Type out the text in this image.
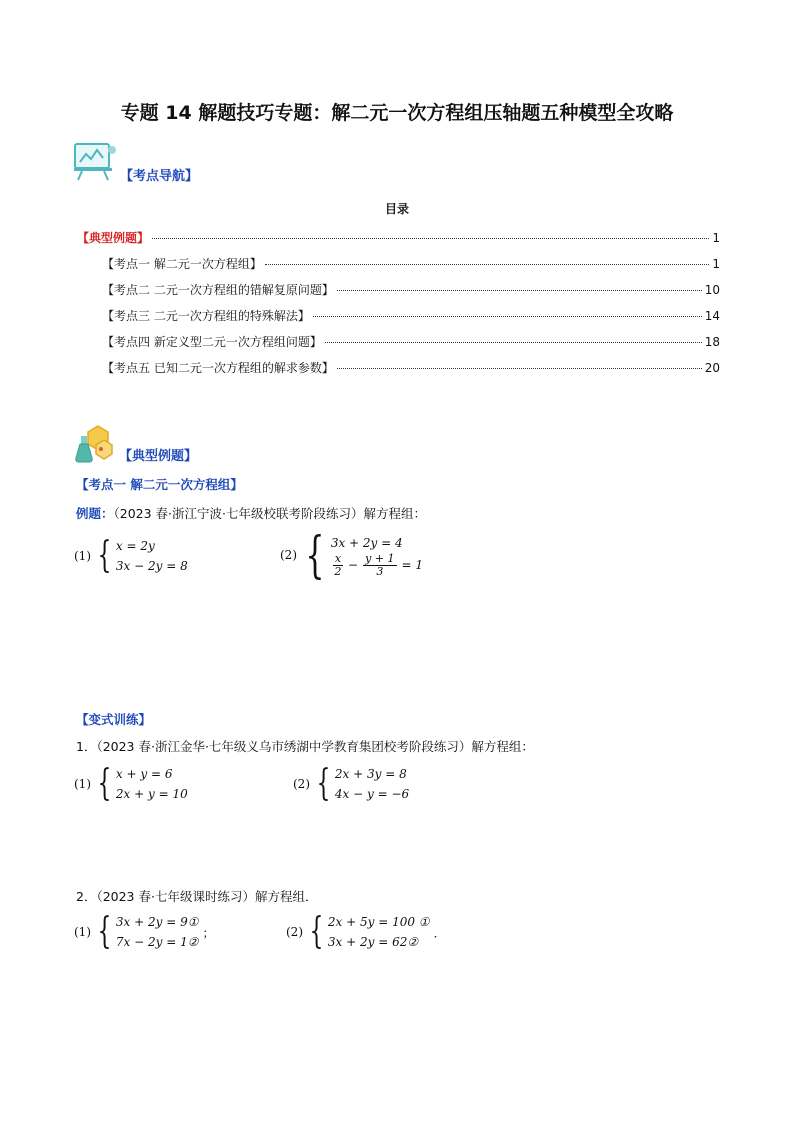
专题 14 解题技巧专题：解二元一次方程组压轴题五种模型全攻略
【考点导航】
目录
【典型例题】	1
【考点一 解二元一次方程组】	1
【考点二 二元一次方程组的错解复原问题】	10
【考点三 二元一次方程组的特殊解法】	14
【考点四 新定义型二元一次方程组问题】	18
【考点五 已知二元一次方程组的解求参数】	20
【典型例题】
【考点一 解二元一次方程组】
例题：（2023 春·浙江宁波·七年级校联考阶段练习）解方程组：
(1) { x = 2y
3x − 2y = 8
(2) { 3x + 2y = 4
$\frac{x}{2} - \frac{y + 1}{3} = 1$
【变式训练】
1．（2023 春·浙江金华·七年级义乌市绣湖中学教育集团校考阶段练习）解方程组：
(1) { x + y = 6
2x + y = 10
(2) { 2x + 3y = 8
4x − y = −6
2．（2023 春·七年级课时练习）解方程组．
(1) { 3x + 2y = 9①
7x − 2y = 1②
；	(2) { 2x + 5y = 100 ①
3x + 2y = 62②
．
